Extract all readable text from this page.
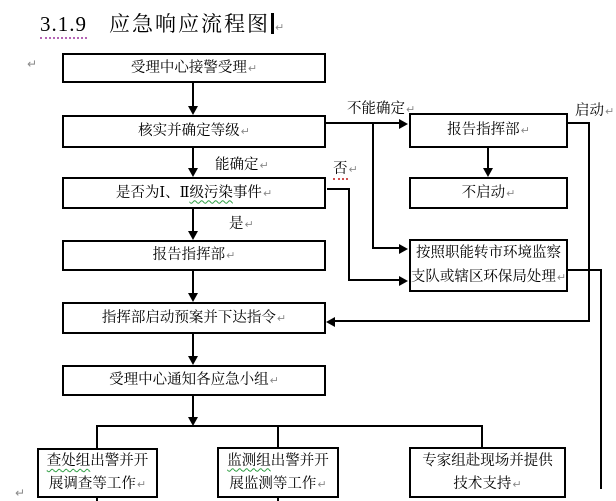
3.1.9 应急响应流程图 ↵
↵
↵
受理中心接警受理↵
核实并确定等级↵
是否为Ⅰ、Ⅱ级污染事件↵
报告指挥部↵
指挥部启动预案并下达指令↵
受理中心通知各应急小组↵
报告指挥部↵
不启动↵
按照职能转市环境监察
支队或辖区环保局处理↵
查处组出警并开
展调查等工作↵
监测组出警并开
展监测等工作↵
专家组赴现场并提供
技术支持↵
能确定↵
是↵
不能确定↵
否↵
启动↵
